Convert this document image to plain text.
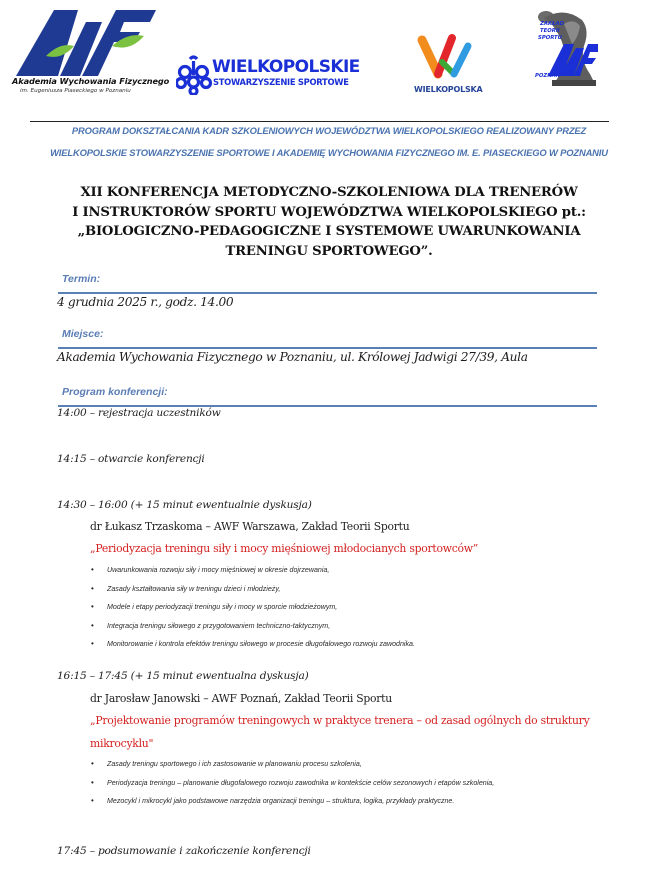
Akademia Wychowania Fizycznego
im. Eugeniusza Piaseckiego w Poznaniu
WIELKOPOLSKIE
STOWARZYSZENIE SPORTOWE
WIELKOPOLSKA
ZAKŁAD
TEORII
SPORTU
POZNAŃ
PROGRAM DOKSZTAŁCANIA KADR SZKOLENIOWYCH WOJEWÓDZTWA WIELKOPOLSKIEGO REALIZOWANY PRZEZ
WIELKOPOLSKIE STOWARZYSZENIE SPORTOWE I AKADEMIĘ WYCHOWANIA FIZYCZNEGO IM. E. PIASECKIEGO W POZNANIU
XII KONFERENCJA METODYCZNO-SZKOLENIOWA DLA TRENERÓW
I INSTRUKTORÓW SPORTU WOJEWÓDZTWA WIELKOPOLSKIEGO pt.:
„BIOLOGICZNO-PEDAGOGICZNE I SYSTEMOWE UWARUNKOWANIA
TRENINGU SPORTOWEGO”.
Termin:
4 grudnia 2025 r., godz. 14.00
Miejsce:
Akademia Wychowania Fizycznego w Poznaniu, ul. Królowej Jadwigi 27/39, Aula
Program konferencji:
14:00 – rejestracja uczestników
14:15 – otwarcie konferencji
14:30 – 16:00 (+ 15 minut ewentualnie dyskusja)
dr Łukasz Trzaskoma – AWF Warszawa, Zakład Teorii Sportu
„Periodyzacja treningu siły i mocy mięśniowej młodocianych sportowców”
• Uwarunkowania rozwoju siły i mocy mięśniowej w okresie dojrzewania,
• Zasady kształtowania siły w treningu dzieci i młodzieży,
• Modele i etapy periodyzacji treningu siły i mocy w sporcie młodzieżowym,
• Integracja treningu siłowego z przygotowaniem techniczno-taktycznym,
• Monitorowanie i kontrola efektów treningu siłowego w procesie długofalowego rozwoju zawodnika.
16:15 – 17:45 (+ 15 minut ewentualna dyskusja)
dr Jarosław Janowski – AWF Poznań, Zakład Teorii Sportu
„Projektowanie programów treningowych w praktyce trenera – od zasad ogólnych do struktury
mikrocyklu"
• Zasady treningu sportowego i ich zastosowanie w planowaniu procesu szkolenia,
• Periodyzacja treningu – planowanie długofalowego rozwoju zawodnika w kontekście celów sezonowych i etapów szkolenia,
• Mezocykl i mikrocykl jako podstawowe narzędzia organizacji treningu – struktura, logika, przykłady praktyczne.
17:45 – podsumowanie i zakończenie konferencji
